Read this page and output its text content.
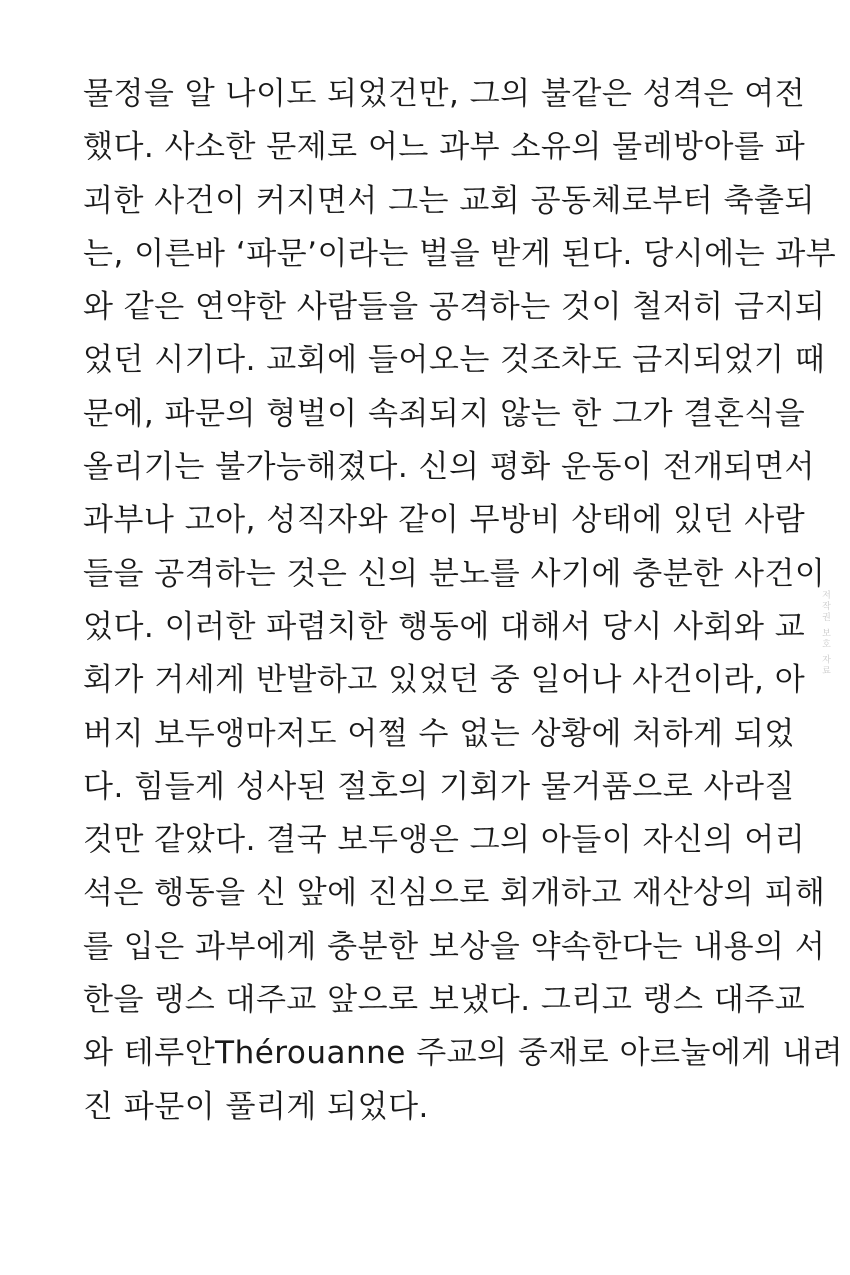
물정을 알 나이도 되었건만, 그의 불같은 성격은 여전
했다. 사소한 문제로 어느 과부 소유의 물레방아를 파
괴한 사건이 커지면서 그는 교회 공동체로부터 축출되
는, 이른바 ‘파문’이라는 벌을 받게 된다. 당시에는 과부
와 같은 연약한 사람들을 공격하는 것이 철저히 금지되
었던 시기다. 교회에 들어오는 것조차도 금지되었기 때
문에, 파문의 형벌이 속죄되지 않는 한 그가 결혼식을
올리기는 불가능해졌다. 신의 평화 운동이 전개되면서
과부나 고아, 성직자와 같이 무방비 상태에 있던 사람
들을 공격하는 것은 신의 분노를 사기에 충분한 사건이
었다. 이러한 파렴치한 행동에 대해서 당시 사회와 교
회가 거세게 반발하고 있었던 중 일어나 사건이라, 아
버지 보두앵마저도 어쩔 수 없는 상황에 처하게 되었
다. 힘들게 성사된 절호의 기회가 물거품으로 사라질
것만 같았다. 결국 보두앵은 그의 아들이 자신의 어리
석은 행동을 신 앞에 진심으로 회개하고 재산상의 피해
를 입은 과부에게 충분한 보상을 약속한다는 내용의 서
한을 랭스 대주교 앞으로 보냈다. 그리고 랭스 대주교
와 테루안Thérouanne 주교의 중재로 아르눌에게 내려
진 파문이 풀리게 되었다.
저작권 보호 자료
